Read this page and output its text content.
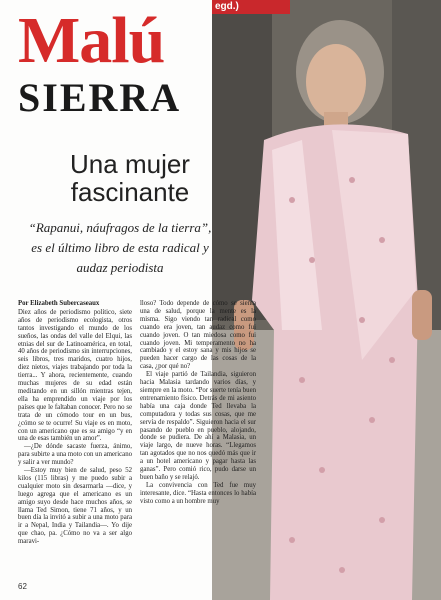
egd.)
Malú
SIERRA
Una mujer fascinante

“Rapanui, náufragos de la tierra”, es el último libro de esta radical y audaz periodista

Por Elizabeth Subercaseaux

Diez años de periodismo político, siete años de periodismo ecologista, otros tantos investigando el mundo de los sueños, las ondas del valle del Elqui, las etnias del sur de Latinoamérica, en total, 40 años de periodismo sin interrupciones, seis libros, tres maridos, cuatro hijos, diez nietos, viajes trabajando por toda la tierra... Y ahora, recientemente, cuando muchas mujeres de su edad están meditando en un sillón mientras tejen, ella ha emprendido un viaje por los países que le faltaban conocer. Pero no se trata de un cómodo tour en un bus, ¿cómo se te ocurre! Su viaje es en moto, con un americano que es su amigo “y en una de esas también un amor”.

—¿De dónde sacaste fuerza, ánimo, para subirte a una moto con un americano y salir a ver mundo?

—Estoy muy bien de salud, peso 52 kilos (115 libras) y me puedo subir a cualquier moto sin desarmarla —dice, y luego agrega que el americano es un amigo suyo desde hace muchos años, se llama Ted Simon, tiene 71 años, y un buen día la invitó a subir a una moto para ir a Nepal, India y Tailandia—. Yo dije que chao, pa. ¿Cómo no va a ser algo maravi-

lloso? Todo depende de cómo se sienta una de salud, porque la mente es la misma. Sigo viendo tan radical como cuando era joven, tan audaz como fui cuando joven. O tan miedosa como fui cuando joven. Mi temperamento no ha cambiado y el estoy sana y mis hijos se pueden hacer cargo de las cosas de la casa, ¿por qué no?

El viaje partió de Tailandia, siguieron hacia Malasia tardando varios días, y siempre en la moto. “Por suerte tenía buen entrenamiento físico. Detrás de mi asiento había una caja donde Ted llevaba la computadora y todas sus cosas, que me servía de respaldo”. Siguieron hacia el sur pasando de pueblo en pueblo, alojando, donde se pudiera. De ahí a Malasia, un viaje largo, de nueve horas. “Llegamos tan agotados que no nos quedó más que ir a un hotel americano y pagar hasta las ganas”. Pero comió rico, pudo darse un buen baño y se relajó.

La convivencia con Ted fue muy interesante, dice. “Hasta entonces lo había visto como a un hombre muy

62
